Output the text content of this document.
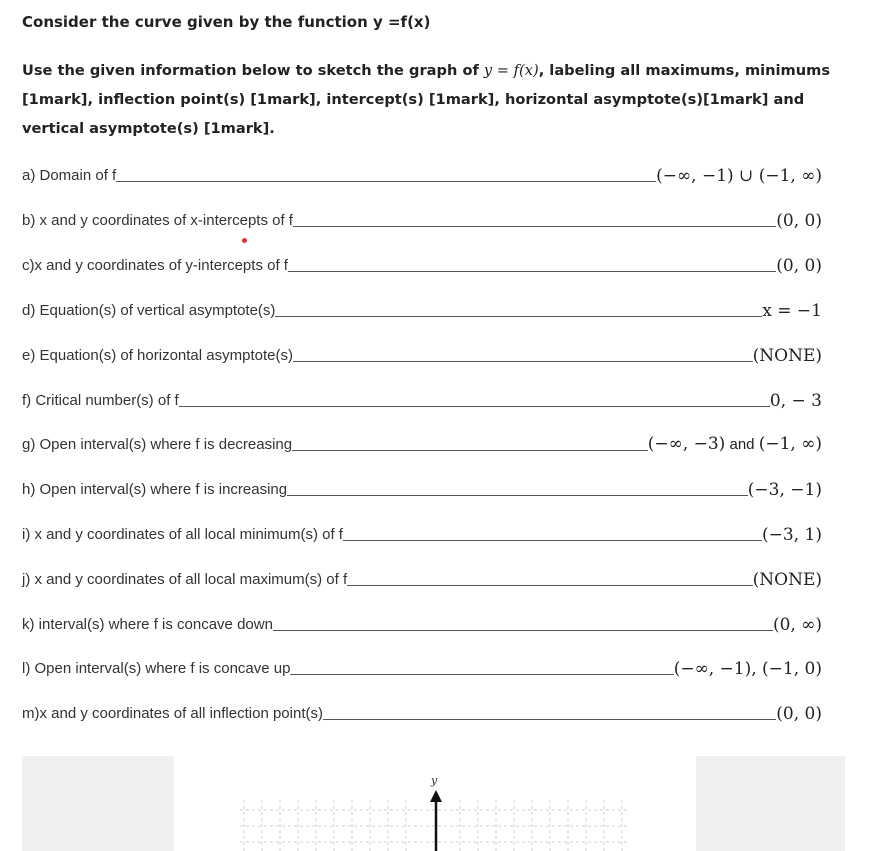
Consider the curve given by the function y =f(x)
Use the given information below to sketch the graph of y = f(x), labeling all maximums, minimums [1mark], inflection point(s) [1mark], intercept(s) [1mark], horizontal asymptote(s)[1mark] and vertical asymptote(s) [1mark].
a) Domain of f	(−∞, −1) ∪ (−1, ∞)
b) x and y coordinates of x-intercepts of f	(0, 0)
c)x and y coordinates of y-intercepts of f	(0, 0)
d) Equation(s) of vertical asymptote(s)	x = −1
e) Equation(s) of horizontal asymptote(s)	(NONE)
f) Critical number(s) of f	0, − 3
g) Open interval(s) where f is decreasing	(−∞, −3) and (−1, ∞)
h) Open interval(s) where f is increasing	(−3, −1)
i) x and y coordinates of all local minimum(s) of f	(−3, 1)
j) x and y coordinates of all local maximum(s) of f	(NONE)
k) interval(s) where f is concave down	(0, ∞)
l) Open interval(s) where f is concave up	(−∞, −1), (−1, 0)
m)x and y coordinates of all inflection point(s)	(0, 0)
y
